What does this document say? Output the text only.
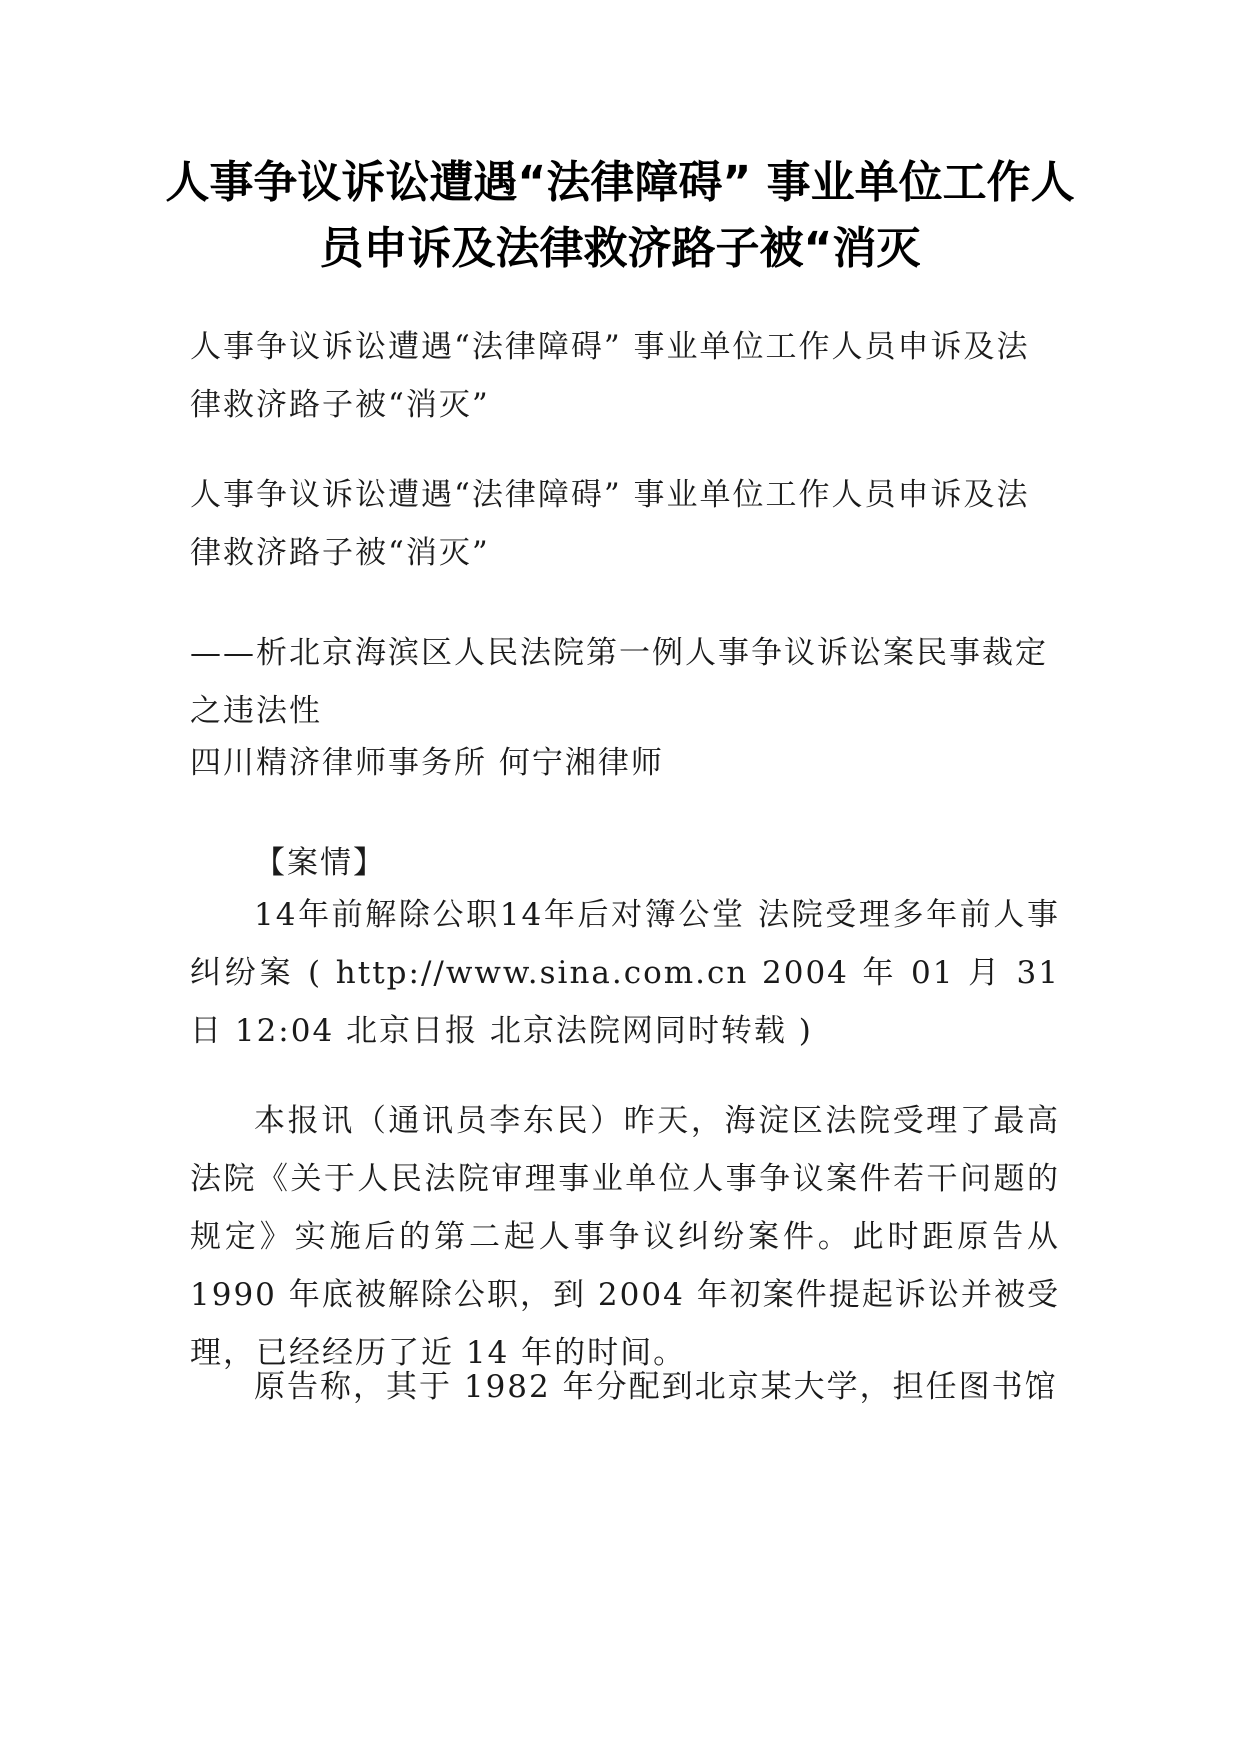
人事争议诉讼遭遇“法律障碍” 事业单位工作人员申诉及法律救济路子被“消灭

人事争议诉讼遭遇“法律障碍” 事业单位工作人员申诉及法律救济路子被“消灭”

人事争议诉讼遭遇“法律障碍” 事业单位工作人员申诉及法律救济路子被“消灭”

——析北京海滨区人民法院第一例人事争议诉讼案民事裁定之违法性

四川精济律师事务所 何宁湘律师

【案情】

14年前解除公职14年后对簿公堂 法院受理多年前人事纠纷案 ( http://www.sina.com.cn 2004 年 01 月 31 日 12:04 北京日报 北京法院网同时转载 )

本报讯（通讯员李东民）昨天，海淀区法院受理了最高法院《关于人民法院审理事业单位人事争议案件若干问题的规定》实施后的第二起人事争议纠纷案件。此时距原告从 1990 年底被解除公职，到 2004 年初案件提起诉讼并被受理，已经经历了近 14 年的时间。

原告称，其于 1982 年分配到北京某大学，担任图书馆
